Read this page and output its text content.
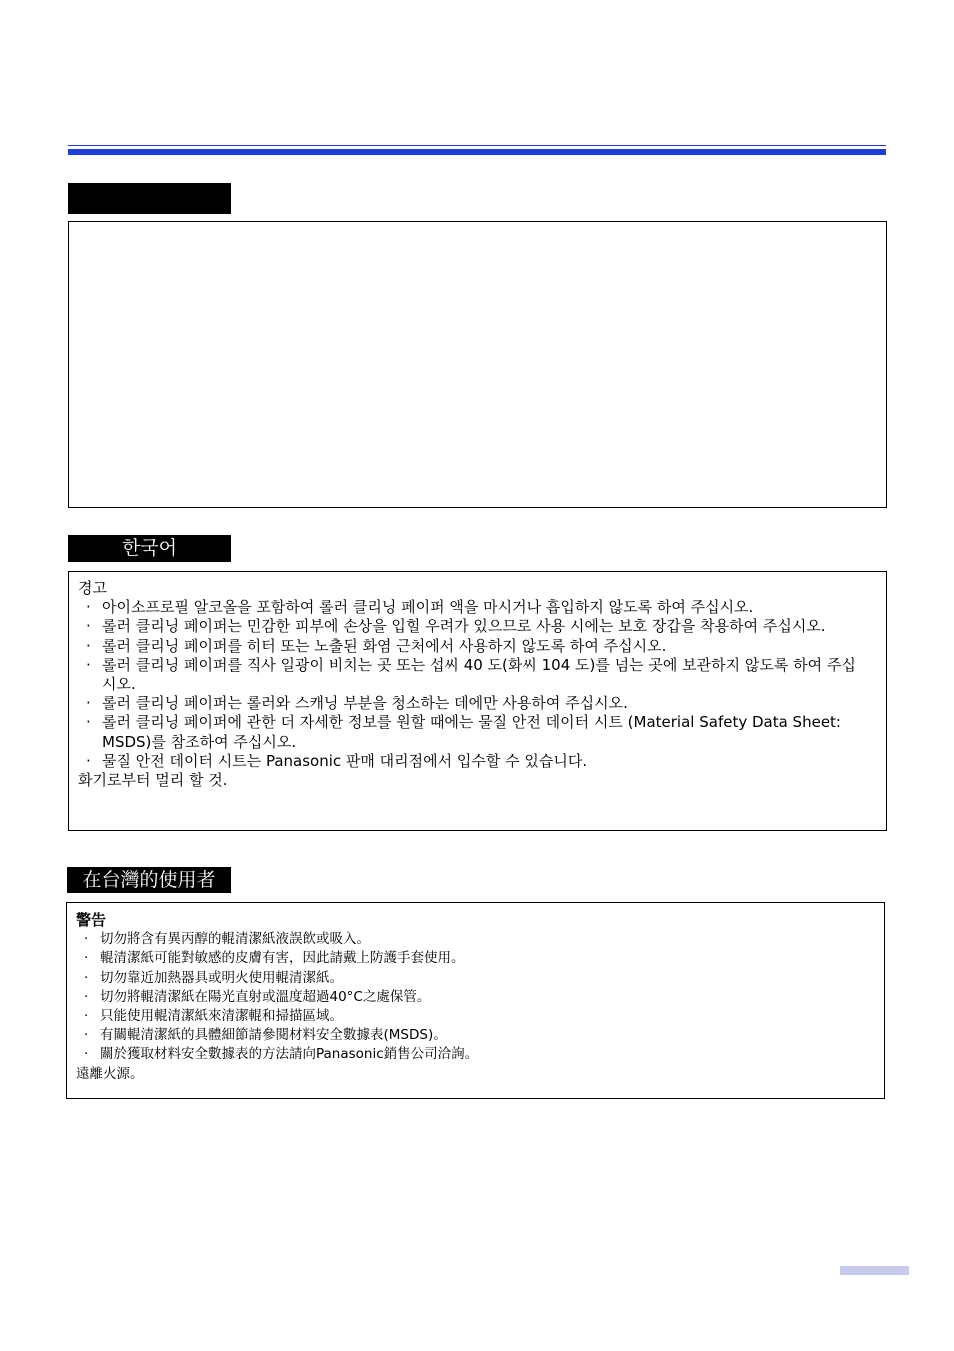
한국어
경고
· 아이소프로필 알코올을 포함하여 롤러 클리닝 페이퍼 액을 마시거나 흡입하지 않도록 하여 주십시오.
· 롤러 클리닝 페이퍼는 민감한 피부에 손상을 입힐 우려가 있으므로 사용 시에는 보호 장갑을 착용하여 주십시오.
· 롤러 클리닝 페이퍼를 히터 또는 노출된 화염 근처에서 사용하지 않도록 하여 주십시오.
· 롤러 클리닝 페이퍼를 직사 일광이 비치는 곳 또는 섭씨 40 도(화씨 104 도)를 넘는 곳에 보관하지 않도록 하여 주십시오.
· 롤러 클리닝 페이퍼는 롤러와 스캐닝 부분을 청소하는 데에만 사용하여 주십시오.
· 롤러 클리닝 페이퍼에 관한 더 자세한 정보를 원할 때에는 물질 안전 데이터 시트 (Material Safety Data Sheet: MSDS)를 참조하여 주십시오.
· 물질 안전 데이터 시트는 Panasonic 판매 대리점에서 입수할 수 있습니다.
화기로부터 멀리 할 것.
在台灣的使用者
警告
· 切勿將含有異丙醇的輥清潔紙液誤飲或吸入。
· 輥清潔紙可能對敏感的皮膚有害，因此請戴上防護手套使用。
· 切勿靠近加熱器具或明火使用輥清潔紙。
· 切勿將輥清潔紙在陽光直射或溫度超過40°C之處保管。
· 只能使用輥清潔紙來清潔輥和掃描區域。
· 有關輥清潔紙的具體細節請參閱材料安全數據表(MSDS)。
· 關於獲取材料安全數據表的方法請向Panasonic銷售公司洽詢。
遠離火源。
